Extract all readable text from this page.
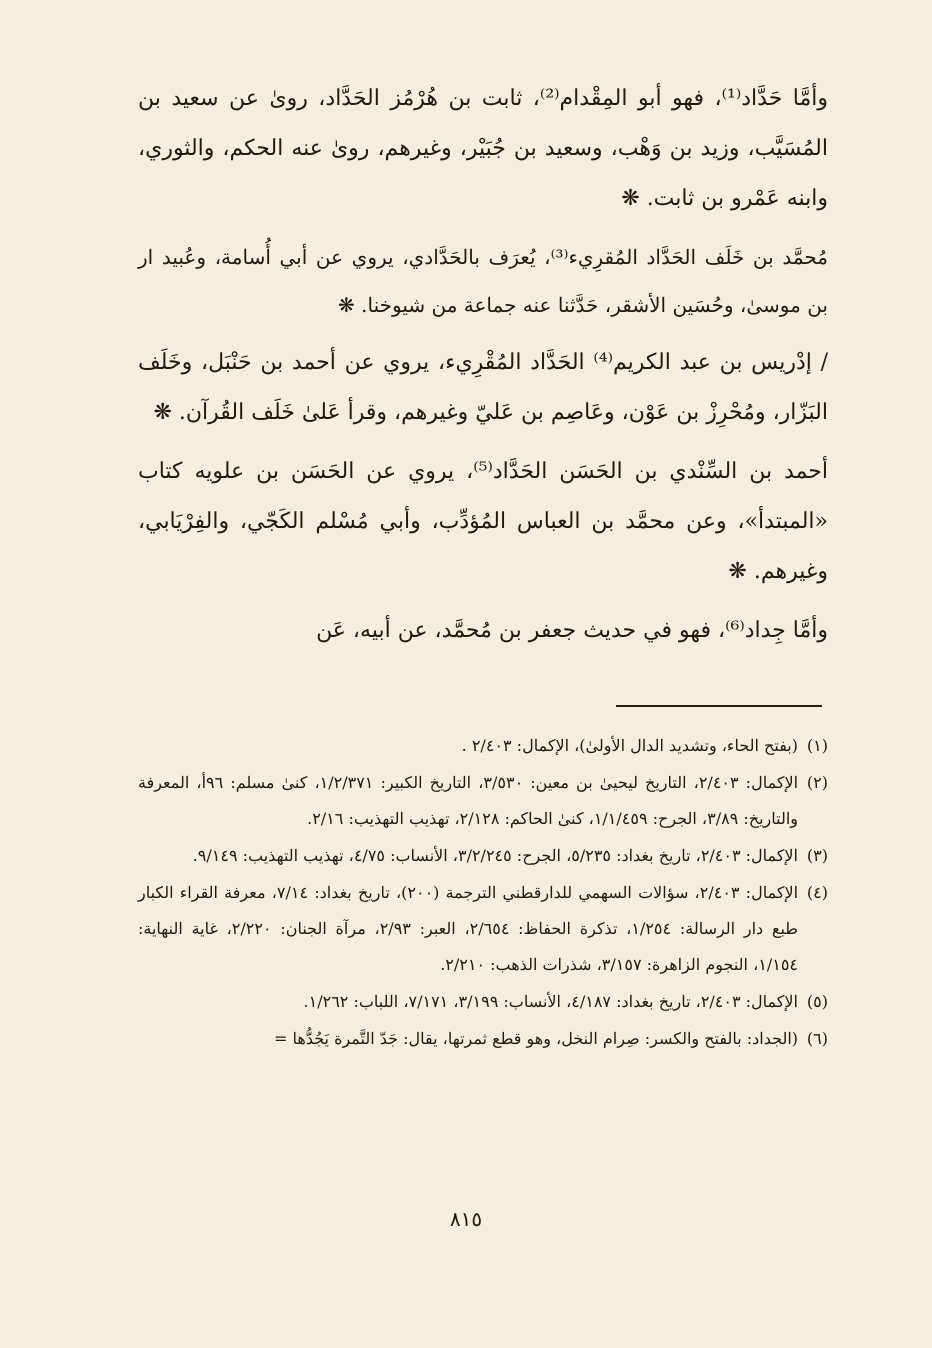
وأمَّا حَدَّاد⁽¹⁾، فهو أبو المِقْدام⁽²⁾، ثابت بن هُرْمُز الحَدَّاد، روىٰ عن سعيد بن المُسَيَّب، وزيد بن وَهْب، وسعيد بن جُبَيْر، وغيرهم، روىٰ عنه الحكم، والثوري، وابنه عَمْرو بن ثابت. ❋

مُحمَّد بن خَلَف الحَدَّاد المُقرِيء⁽³⁾، يُعرَف بالحَدَّادي، يروي عن أبي أُسامة، وعُبيد ار بن موسىٰ، وحُسَين الأشقر، حَدَّثنا عنه جماعة من شيوخنا. ❋

/ إدْريس بن عبد الكريم⁽⁴⁾ الحَدَّاد المُقْرِيء، يروي عن أحمد بن حَنْبَل، وخَلَف البَزّار، ومُحْرِزْ بن عَوْن، وعَاصِم بن عَليّ وغيرهم، وقرأ عَلىٰ خَلَف القُرآن. ❋

أحمد بن السِّنْدي بن الحَسَن الحَدَّاد⁽⁵⁾، يروي عن الحَسَن بن علويه كتاب «المبتدأ»، وعن محمَّد بن العباس المُؤدِّب، وأبي مُسْلم الكَجّي، والفِرْيَابي، وغيرهم. ❋

وأمَّا جِداد⁽⁶⁾، فهو في حديث جعفر بن مُحمَّد، عن أبيه، عَن

(١)
(بفتح الحاء، وتشديد الدال الأولىٰ)، الإكمال: ٢/٤٠٣ .
(٢)
الإكمال: ٢/٤٠٣، التاريخ ليحيىٰ بن معين: ٣/٥٣٠، التاريخ الكبير: ١/٢/٣٧١، كنىٰ مسلم: ٩٦أ، المعرفة والتاريخ: ٣/٨٩، الجرح: ١/١/٤٥٩، كنىٰ الحاكم: ٢/١٢٨، تهذيب التهذيب: ٢/١٦.
(٣)
الإكمال: ٢/٤٠٣، تاريخ بغداد: ٥/٢٣٥، الجرح: ٣/٢/٢٤٥، الأنساب: ٤/٧٥، تهذيب التهذيب: ٩/١٤٩.
(٤)
الإكمال: ٢/٤٠٣، سؤالات السهمي للدارقطني الترجمة (٢٠٠)، تاريخ بغداد: ٧/١٤، معرفة القراء الكبار طبع دار الرسالة: ١/٢٥٤، تذكرة الحفاظ: ٢/٦٥٤، العبر: ٢/٩٣، مرآة الجنان: ٢/٢٢٠، غاية النهاية: ١/١٥٤، النجوم الزاهرة: ٣/١٥٧، شذرات الذهب: ٢/٢١٠.
(٥)
الإكمال: ٢/٤٠٣، تاريخ بغداد: ٤/١٨٧، الأنساب: ٣/١٩٩، ٧/١٧١، اللباب: ١/٢٦٢.
(٦)
(الجداد: بالفتح والكسر: صِرام النخل، وهو قطع ثمرتها، يقال: جَدّ التَّمرة يَجُدُّها =
٨١٥
